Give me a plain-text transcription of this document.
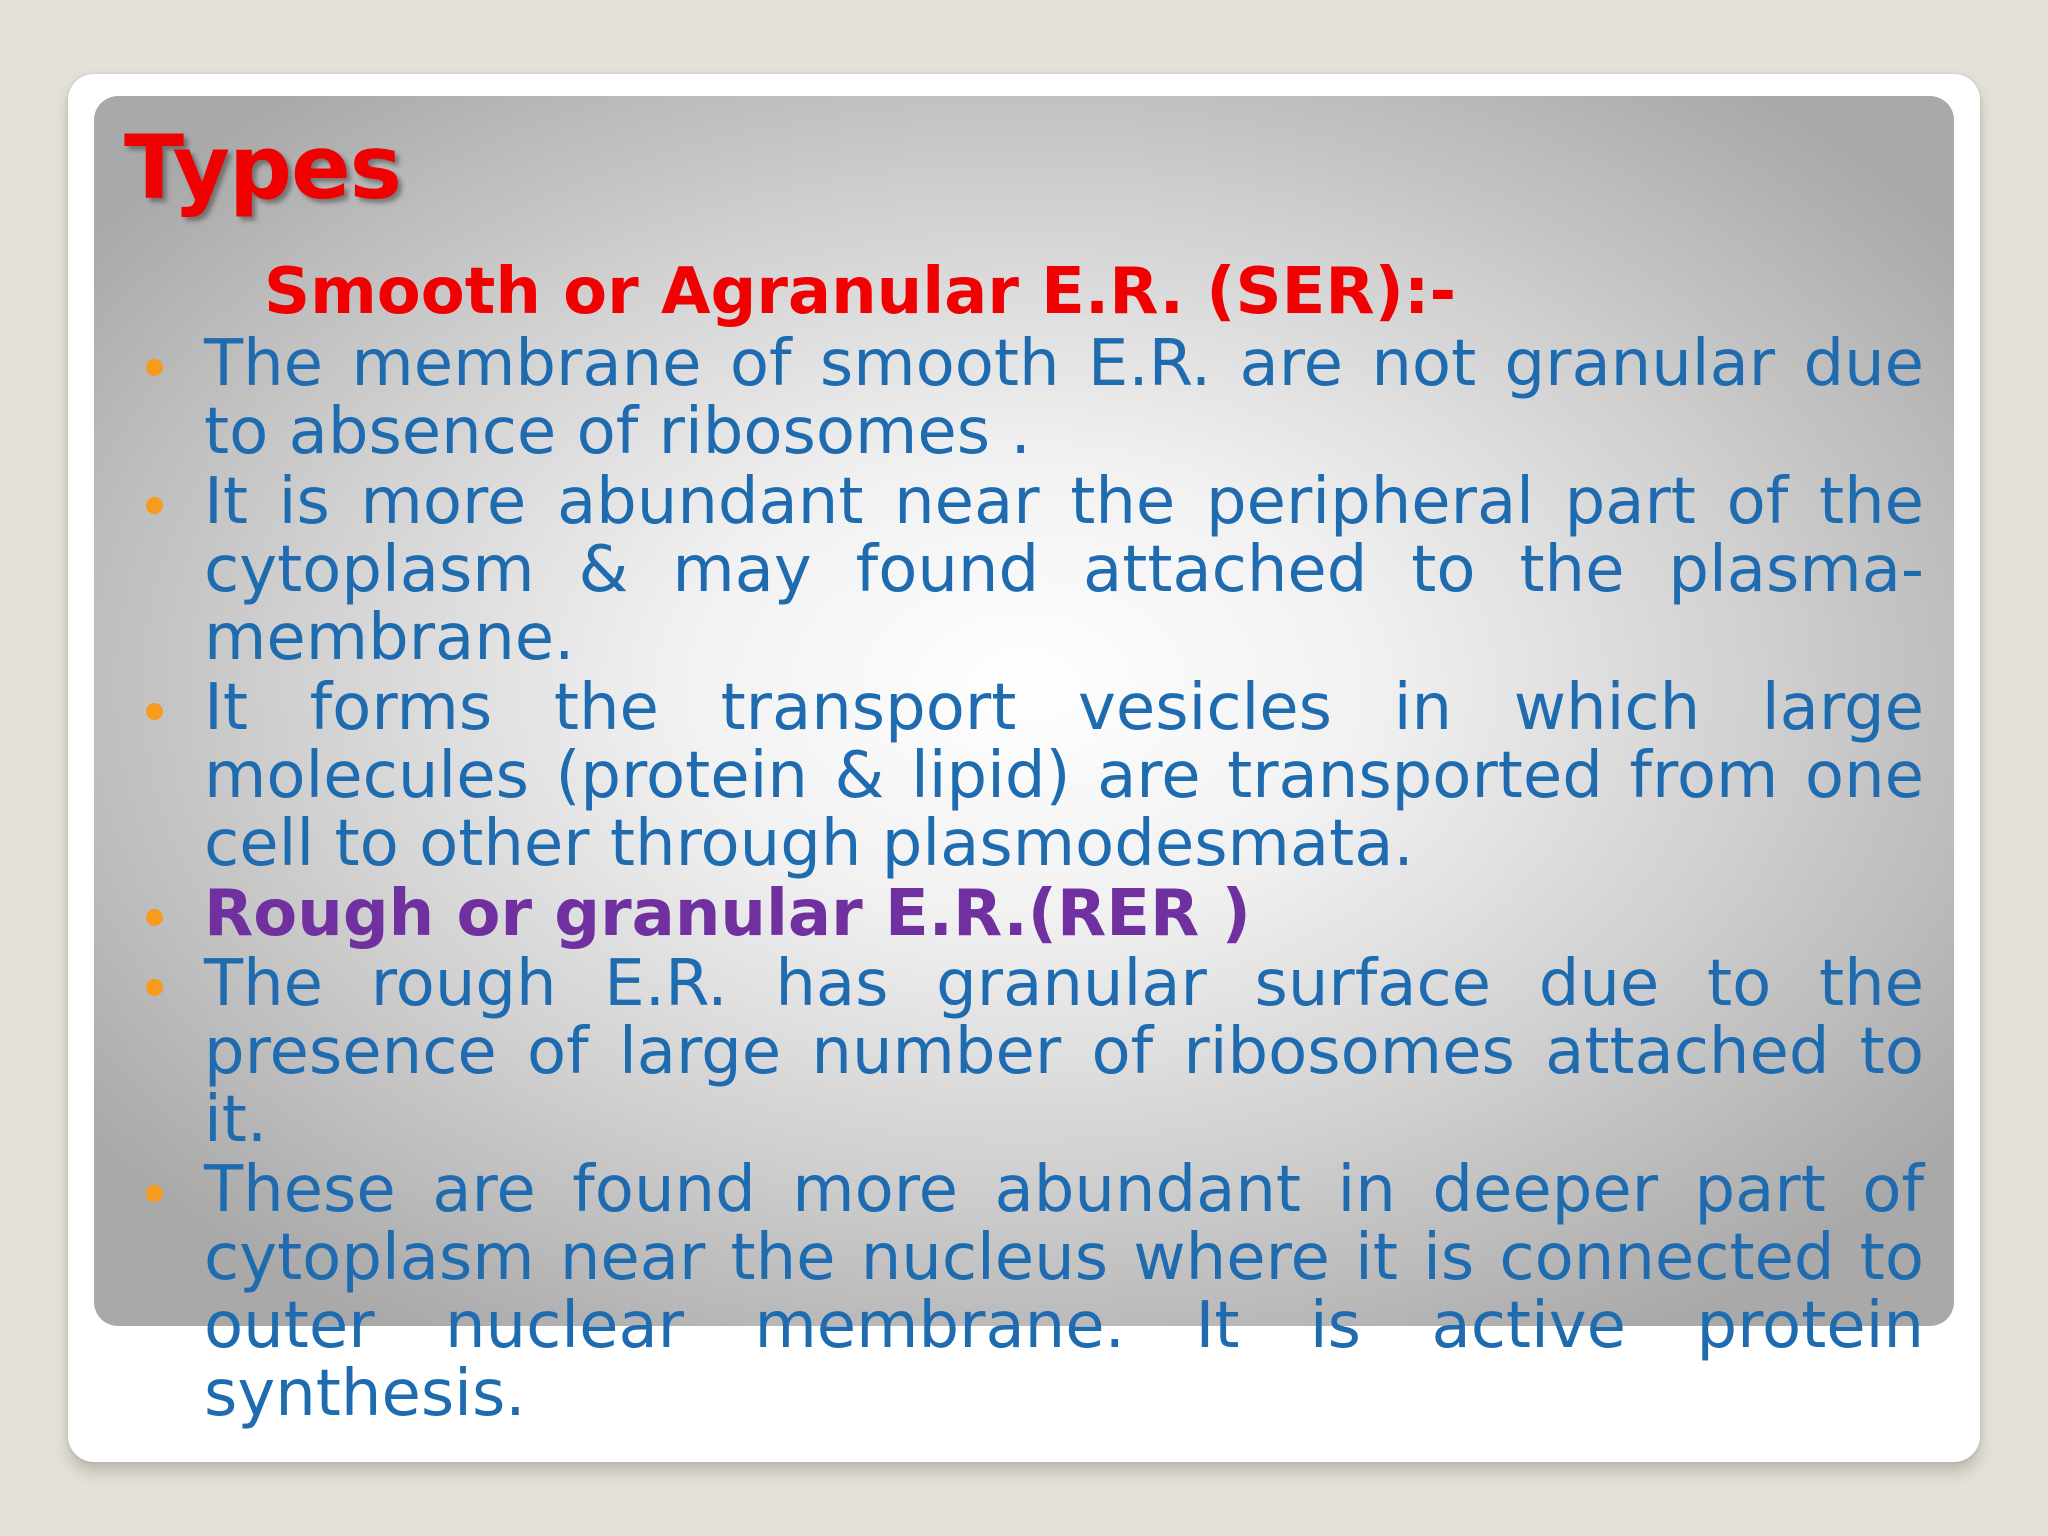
Types
Smooth or Agranular E.R. (SER):-
The membrane of smooth E.R. are not granular due to absence of ribosomes .
It is more abundant near the peripheral part of the cytoplasm & may found attached to the plasma-membrane.
It forms the transport vesicles in which large molecules (protein & lipid) are transported from one cell to other through plasmodesmata.
Rough or granular E.R.(RER )
The rough E.R. has granular surface due to the presence of large number of ribosomes attached to it.
These are found more abundant in deeper part of cytoplasm near the nucleus where it is connected to outer nuclear membrane. It is active protein synthesis.
